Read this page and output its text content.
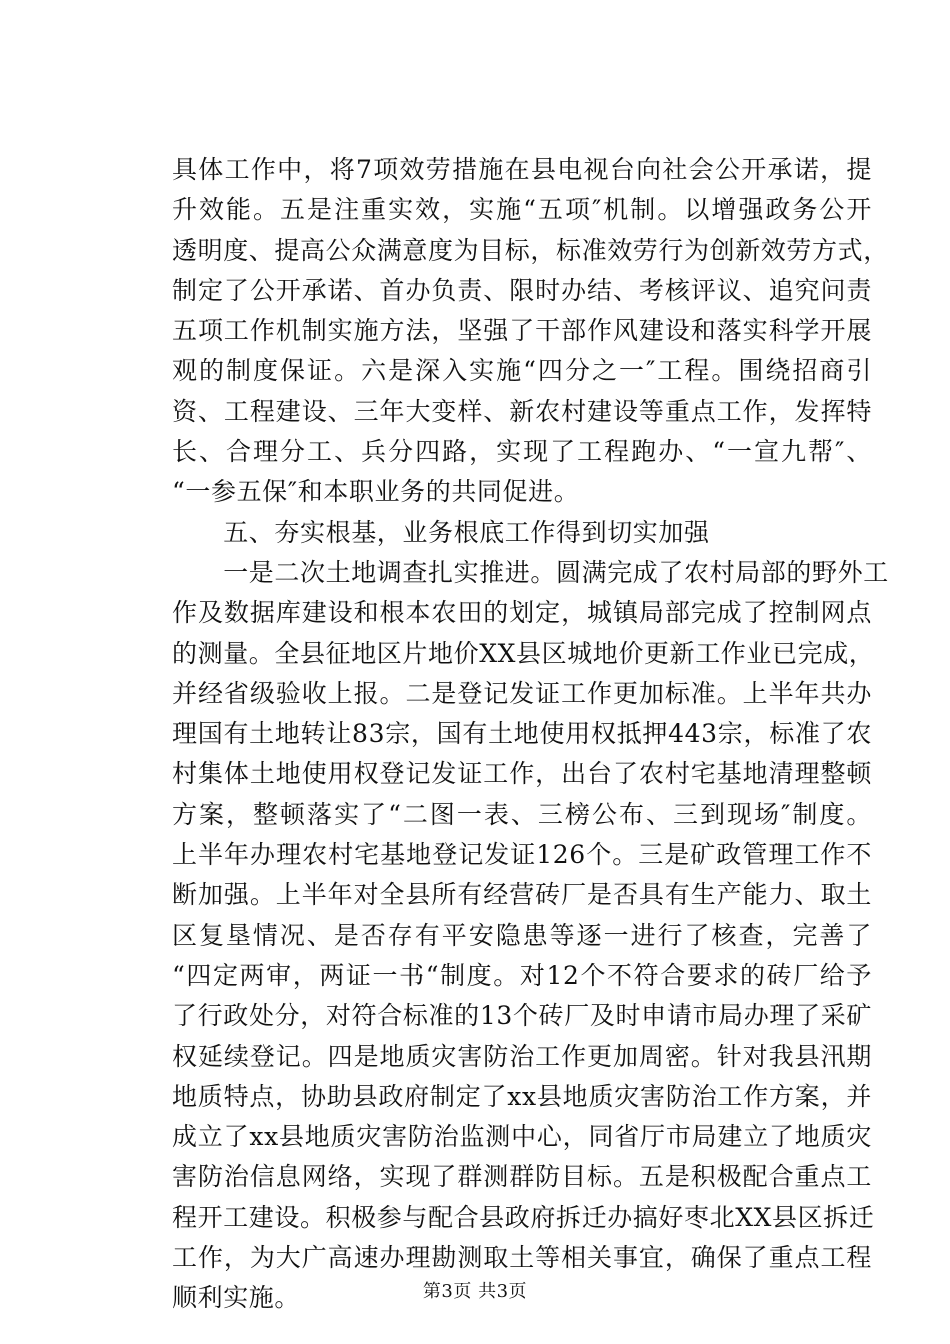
具体工作中，将7项效劳措施在县电视台向社会公开承诺，提
升效能。五是注重实效，实施“五项″机制。以增强政务公开
透明度、提高公众满意度为目标，标准效劳行为创新效劳方式，
制定了公开承诺、首办负责、限时办结、考核评议、追究问责
五项工作机制实施方法，坚强了干部作风建设和落实科学开展
观的制度保证。六是深入实施“四分之一″工程。围绕招商引
资、工程建设、三年大变样、新农村建设等重点工作，发挥特
长、合理分工、兵分四路，实现了工程跑办、“一宣九帮″、
“一参五保″和本职业务的共同促进。
　　五、夯实根基，业务根底工作得到切实加强
　　一是二次土地调查扎实推进。圆满完成了农村局部的野外工
作及数据库建设和根本农田的划定，城镇局部完成了控制网点
的测量。全县征地区片地价XX县区城地价更新工作业已完成，
并经省级验收上报。二是登记发证工作更加标准。上半年共办
理国有土地转让83宗，国有土地使用权抵押443宗，标准了农
村集体土地使用权登记发证工作，出台了农村宅基地清理整顿
方案，整顿落实了“二图一表、三榜公布、三到现场″制度。
上半年办理农村宅基地登记发证126个。三是矿政管理工作不
断加强。上半年对全县所有经营砖厂是否具有生产能力、取土
区复垦情况、是否存有平安隐患等逐一进行了核查，完善了
“四定两审，两证一书“制度。对12个不符合要求的砖厂给予
了行政处分，对符合标准的13个砖厂及时申请市局办理了采矿
权延续登记。四是地质灾害防治工作更加周密。针对我县汛期
地质特点，协助县政府制定了xx县地质灾害防治工作方案，并
成立了xx县地质灾害防治监测中心，同省厅市局建立了地质灾
害防治信息网络，实现了群测群防目标。五是积极配合重点工
程开工建设。积极参与配合县政府拆迁办搞好枣北XX县区拆迁
工作，为大广高速办理勘测取土等相关事宜，确保了重点工程
顺利实施。	第3页 共3页
